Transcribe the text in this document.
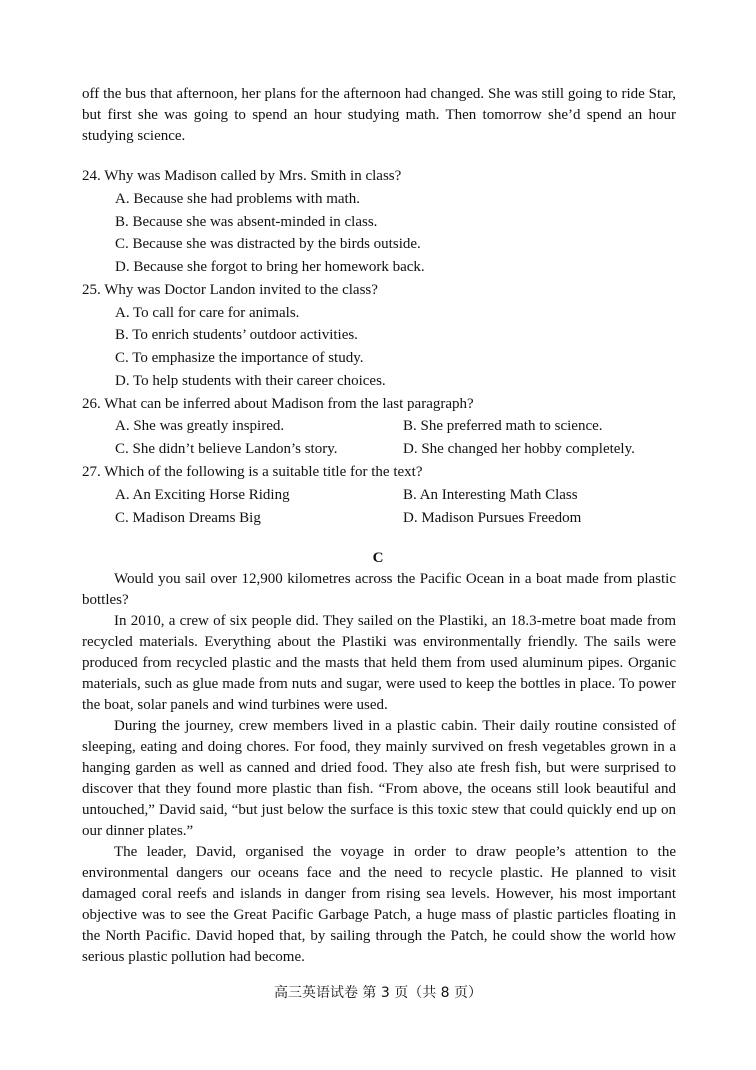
off the bus that afternoon, her plans for the afternoon had changed. She was still going to ride Star, but first she was going to spend an hour studying math. Then tomorrow she’d spend an hour studying science.

24. Why was Madison called by Mrs. Smith in class?

A. Because she had problems with math.

B. Because she was absent-minded in class.

C. Because she was distracted by the birds outside.

D. Because she forgot to bring her homework back.

25. Why was Doctor Landon invited to the class?

A. To call for care for animals.

B. To enrich students’ outdoor activities.

C. To emphasize the importance of study.

D. To help students with their career choices.

26. What can be inferred about Madison from the last paragraph?

A. She was greatly inspired.	B. She preferred math to science.

C. She didn’t believe Landon’s story.	D. She changed her hobby completely.

27. Which of the following is a suitable title for the text?

A. An Exciting Horse Riding	B. An Interesting Math Class

C. Madison Dreams Big	D. Madison Pursues Freedom

C

Would you sail over 12,900 kilometres across the Pacific Ocean in a boat made from plastic bottles?

In 2010, a crew of six people did. They sailed on the Plastiki, an 18.3-metre boat made from recycled materials. Everything about the Plastiki was environmentally friendly. The sails were produced from recycled plastic and the masts that held them from used aluminum pipes. Organic materials, such as glue made from nuts and sugar, were used to keep the bottles in place. To power the boat, solar panels and wind turbines were used.

During the journey, crew members lived in a plastic cabin. Their daily routine consisted of sleeping, eating and doing chores. For food, they mainly survived on fresh vegetables grown in a hanging garden as well as canned and dried food. They also ate fresh fish, but were surprised to discover that they found more plastic than fish. “From above, the oceans still look beautiful and untouched,” David said, “but just below the surface is this toxic stew that could quickly end up on our dinner plates.”

The leader, David, organised the voyage in order to draw people’s attention to the environmental dangers our oceans face and the need to recycle plastic. He planned to visit damaged coral reefs and islands in danger from rising sea levels. However, his most important objective was to see the Great Pacific Garbage Patch, a huge mass of plastic particles floating in the North Pacific. David hoped that, by sailing through the Patch, he could show the world how serious plastic pollution had become.

高三英语试卷 第 3 页（共 8 页）
